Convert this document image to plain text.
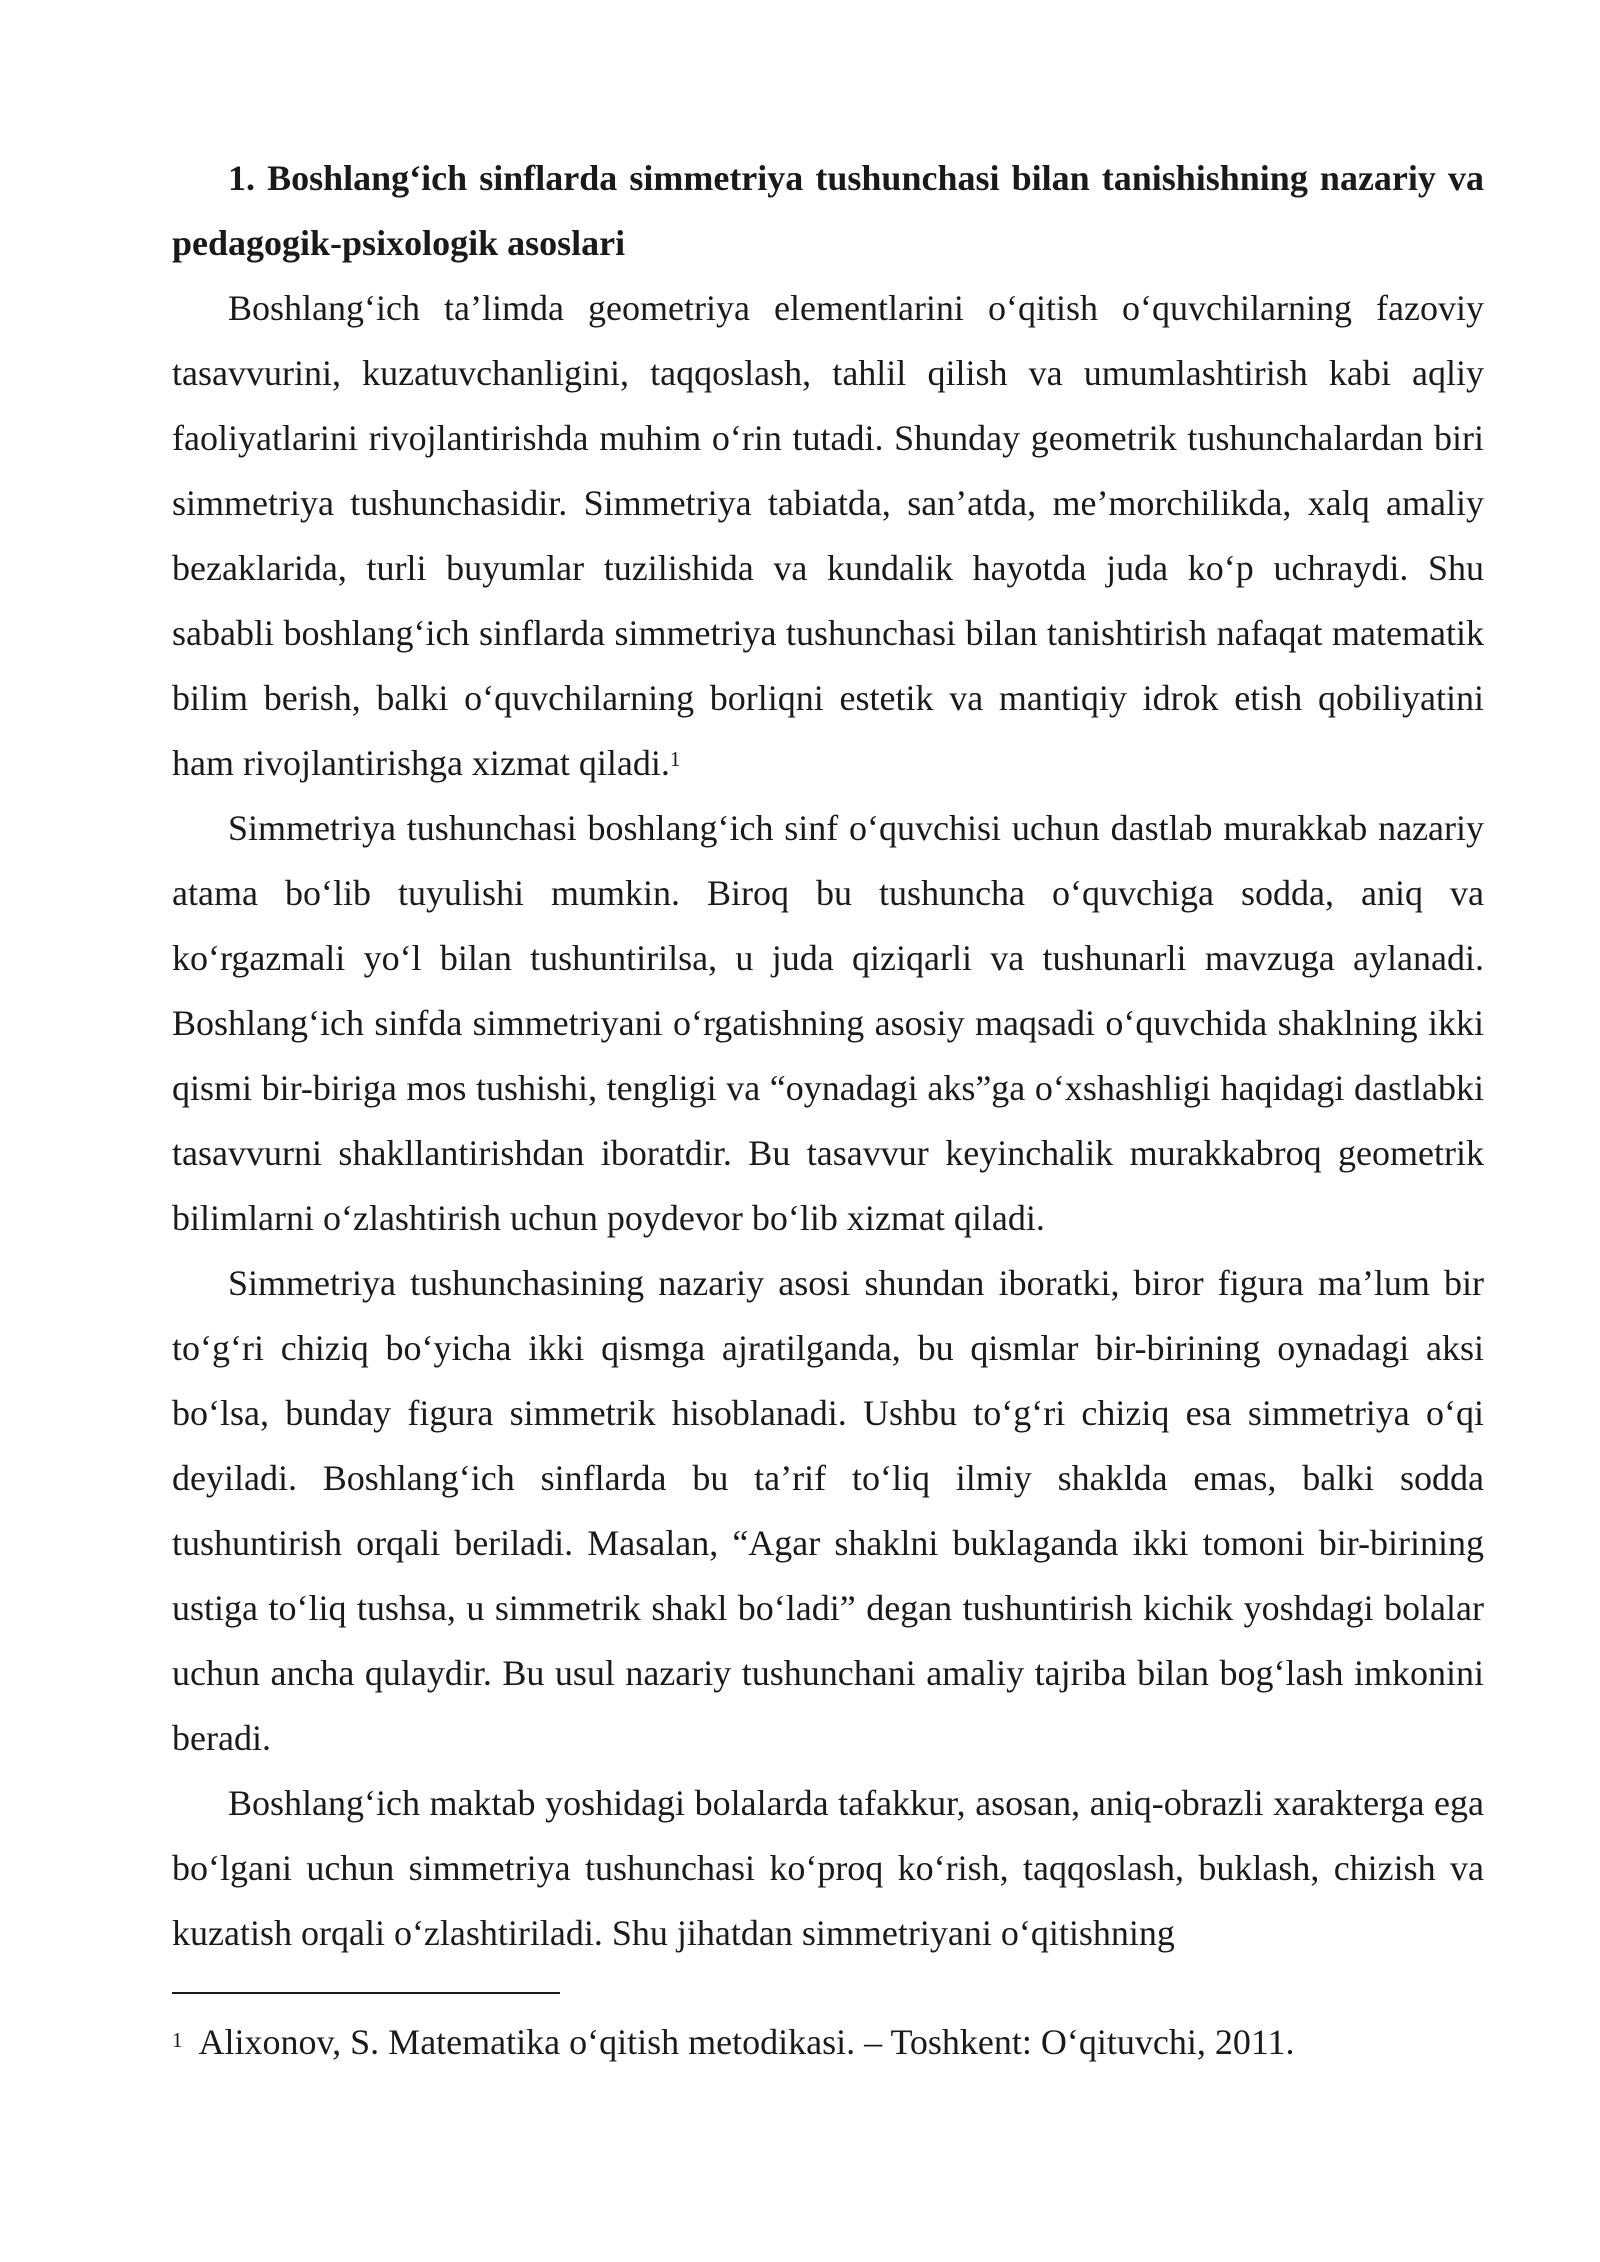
1. Boshlang‘ich sinflarda simmetriya tushunchasi bilan tanishishning nazariy va pedagogik-psixologik asoslari

Boshlang‘ich ta’limda geometriya elementlarini o‘qitish o‘quvchilarning fazoviy tasavvurini, kuzatuvchanligini, taqqoslash, tahlil qilish va umumlashtirish kabi aqliy faoliyatlarini rivojlantirishda muhim o‘rin tutadi. Shunday geometrik tushunchalardan biri simmetriya tushunchasidir. Simmetriya tabiatda, san’atda, me’morchilikda, xalq amaliy bezaklarida, turli buyumlar tuzilishida va kundalik hayotda juda ko‘p uchraydi. Shu sababli boshlang‘ich sinflarda simmetriya tushunchasi bilan tanishtirish nafaqat matematik bilim berish, balki o‘quvchilarning borliqni estetik va mantiqiy idrok etish qobiliyatini ham rivojlantirishga xizmat qiladi.$^1$

Simmetriya tushunchasi boshlang‘ich sinf o‘quvchisi uchun dastlab murakkab nazariy atama bo‘lib tuyulishi mumkin. Biroq bu tushuncha o‘quvchiga sodda, aniq va ko‘rgazmali yo‘l bilan tushuntirilsa, u juda qiziqarli va tushunarli mavzuga aylanadi. Boshlang‘ich sinfda simmetriyani o‘rgatishning asosiy maqsadi o‘quvchida shaklning ikki qismi bir-biriga mos tushishi, tengligi va “oynadagi aks”ga o‘xshashligi haqidagi dastlabki tasavvurni shakllantirishdan iboratdir. Bu tasavvur keyinchalik murakkabroq geometrik bilimlarni o‘zlashtirish uchun poydevor bo‘lib xizmat qiladi.

Simmetriya tushunchasining nazariy asosi shundan iboratki, biror figura ma’lum bir to‘g‘ri chiziq bo‘yicha ikki qismga ajratilganda, bu qismlar bir-birining oynadagi aksi bo‘lsa, bunday figura simmetrik hisoblanadi. Ushbu to‘g‘ri chiziq esa simmetriya o‘qi deyiladi. Boshlang‘ich sinflarda bu ta’rif to‘liq ilmiy shaklda emas, balki sodda tushuntirish orqali beriladi. Masalan, “Agar shaklni buklaganda ikki tomoni bir-birining ustiga to‘liq tushsa, u simmetrik shakl bo‘ladi” degan tushuntirish kichik yoshdagi bolalar uchun ancha qulaydir. Bu usul nazariy tushunchani amaliy tajriba bilan bog‘lash imkonini beradi.

Boshlang‘ich maktab yoshidagi bolalarda tafakkur, asosan, aniq-obrazli xarakterga ega bo‘lgani uchun simmetriya tushunchasi ko‘proq ko‘rish, taqqoslash, buklash, chizish va kuzatish orqali o‘zlashtiriladi. Shu jihatdan simmetriyani o‘qitishning

$^1$ Alixonov, S. Matematika o‘qitish metodikasi. – Toshkent: O‘qituvchi, 2011.
